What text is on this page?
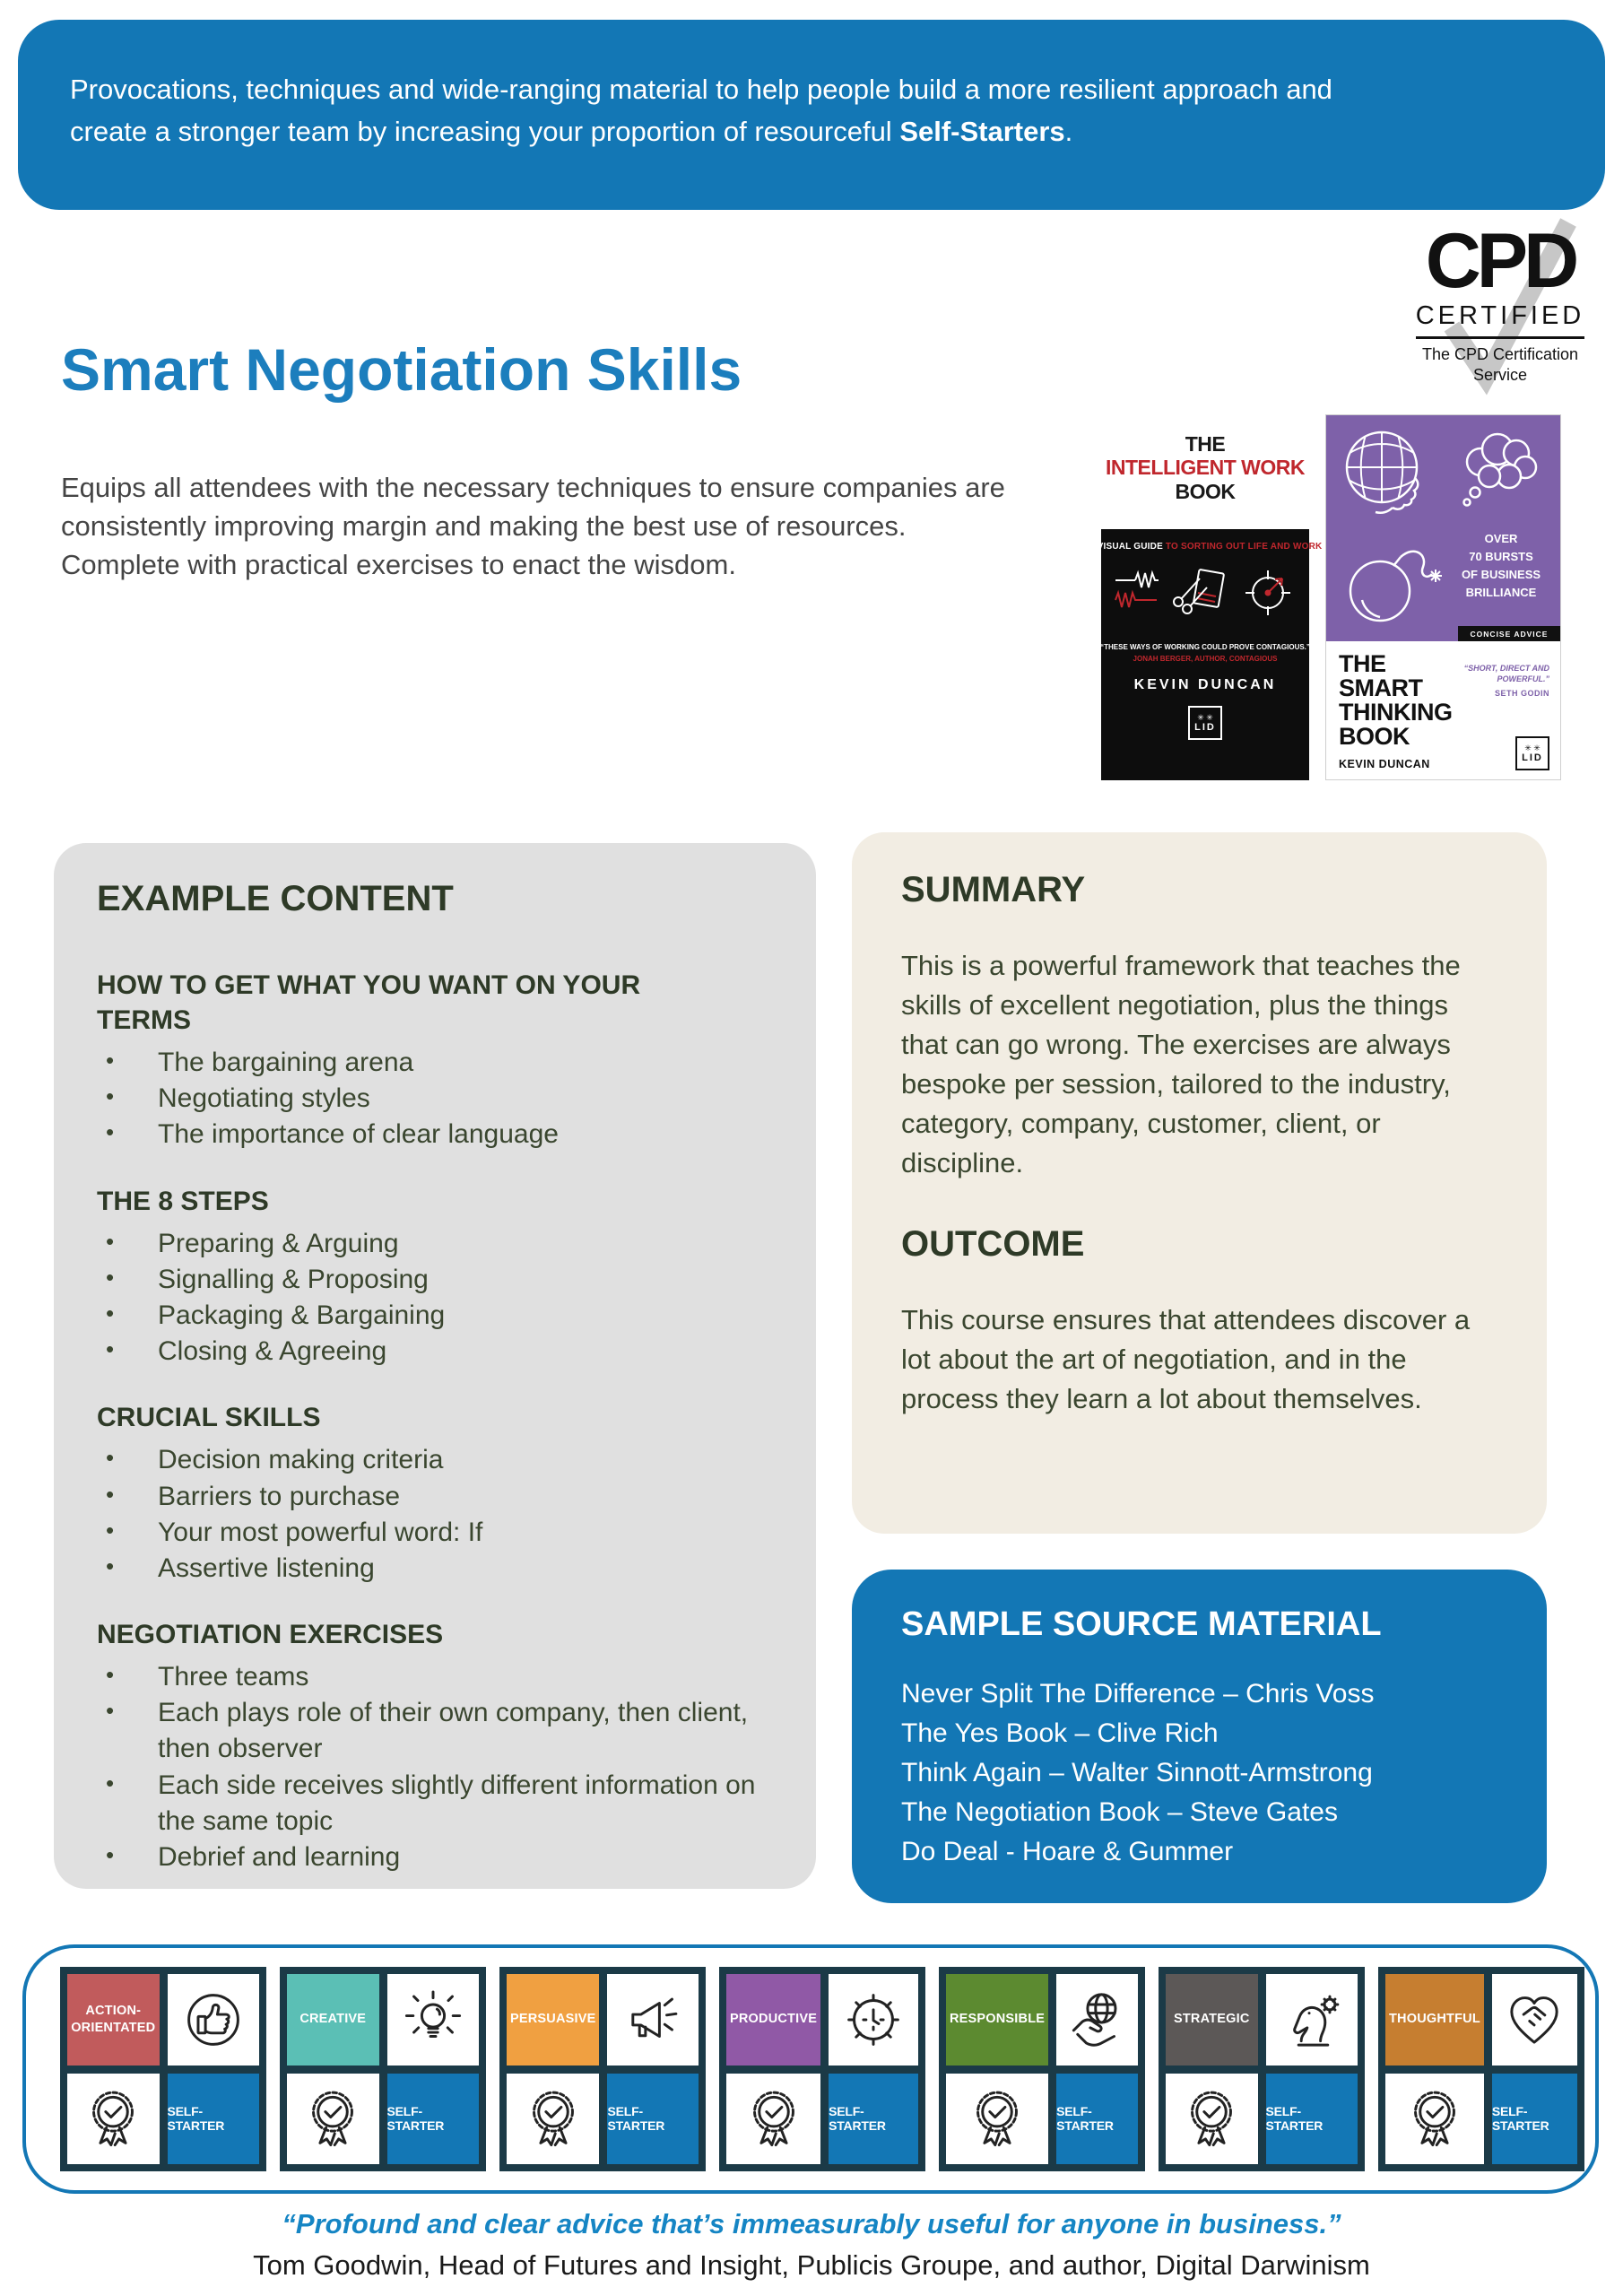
Provocations, techniques and wide-ranging material to help people build a more resilient approach and create a stronger team by increasing your proportion of resourceful Self-Starters.

Smart Negotiation Skills
CPD
CERTIFIED
The CPD Certification
Service

Equips all attendees with the necessary techniques to ensure companies are consistently improving margin and making the best use of resources. Complete with practical exercises to enact the wisdom.

THE
INTELLIGENT WORK
BOOK
A VISUAL GUIDE TO SORTING OUT LIFE AND WORK
“THESE WAYS OF WORKING COULD PROVE CONTAGIOUS.”
JONAH BERGER, AUTHOR, CONTAGIOUS
KEVIN DUNCAN
✳ ✳
LID
OVER
70 BURSTS
OF BUSINESS
BRILLIANCE
CONCISE ADVICE
THE
SMART
THINKING
BOOK
KEVIN DUNCAN
“SHORT, DIRECT AND POWERFUL.”
SETH GODIN
✳ ✳
LID
EXAMPLE CONTENT
HOW TO GET WHAT YOU WANT ON YOUR TERMS
• The bargaining arena
• Negotiating styles
• The importance of clear language
THE 8 STEPS
• Preparing & Arguing
• Signalling & Proposing
• Packaging & Bargaining
• Closing & Agreeing
CRUCIAL SKILLS
• Decision making criteria
• Barriers to purchase
• Your most powerful word: If
• Assertive listening
NEGOTIATION EXERCISES
• Three teams
• Each plays role of their own company, then client, then observer
• Each side receives slightly different information on the same topic
• Debrief and learning
SUMMARY

This is a powerful framework that teaches the skills of excellent negotiation, plus the things that can go wrong. The exercises are always bespoke per session, tailored to the industry, category, company, customer, client, or discipline.

OUTCOME

This course ensures that attendees discover a lot about the art of negotiation, and in the process they learn a lot about themselves.

SAMPLE SOURCE MATERIAL
Never Split The Difference – Chris Voss
The Yes Book – Clive Rich
Think Again – Walter Sinnott-Armstrong
The Negotiation Book – Steve Gates
Do Deal - Hoare & Gummer
ACTION-ORIENTATED
SELF-STARTER
CREATIVE
SELF-STARTER
PERSUASIVE
SELF-STARTER
PRODUCTIVE
SELF-STARTER
RESPONSIBLE
SELF-STARTER
STRATEGIC
SELF-STARTER
THOUGHTFUL
SELF-STARTER
“Profound and clear advice that’s immeasurably useful for anyone in business.”
Tom Goodwin, Head of Futures and Insight, Publicis Groupe, and author, Digital Darwinism
